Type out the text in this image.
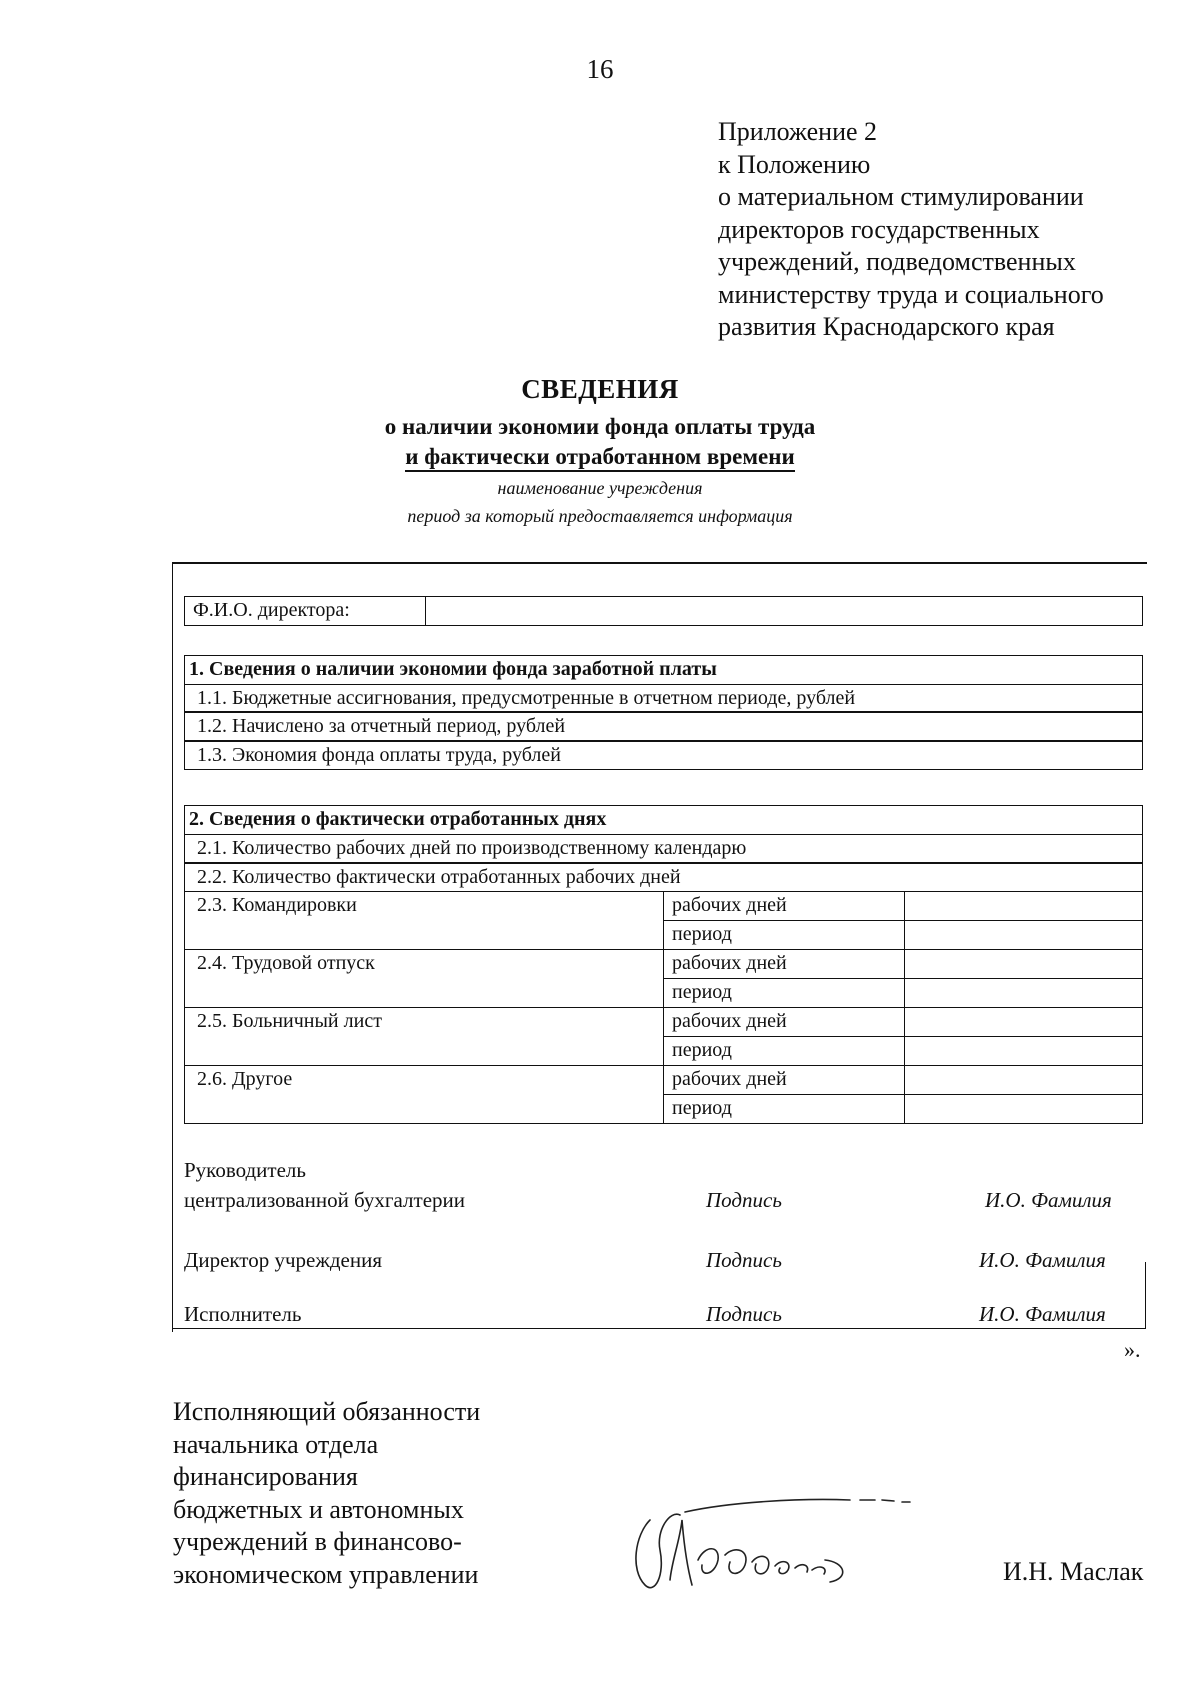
16
Приложение 2
к Положению
о материальном стимулировании
директоров государственных
учреждений, подведомственных
министерству труда и социального
развития Краснодарского края
СВЕДЕНИЯ
о наличии экономии фонда оплаты труда
и фактически отработанном времени
наименование учреждения
период за который предоставляется информация
Ф.И.О. директора:
1. Сведения о наличии экономии фонда заработной платы
1.1. Бюджетные ассигнования, предусмотренные в отчетном периоде, рублей
1.2. Начислено за отчетный период, рублей
1.3. Экономия фонда оплаты труда, рублей
2. Сведения о фактически отработанных днях
2.1. Количество рабочих дней по производственному календарю
2.2. Количество фактически отработанных рабочих дней
2.3. Командировки	рабочих дней
период
2.4. Трудовой отпуск	рабочих дней
период
2.5. Больничный лист	рабочих дней
период
2.6. Другое	рабочих дней
период
Руководитель
централизованной бухгалтерии	Подпись	И.О. Фамилия
Директор учреждения	Подпись	И.О. Фамилия
Исполнитель	Подпись	И.О. Фамилия
».
Исполняющий обязанности
начальника отдела
финансирования
бюджетных и автономных
учреждений в финансово-
экономическом управлении	И.Н. Маслак
